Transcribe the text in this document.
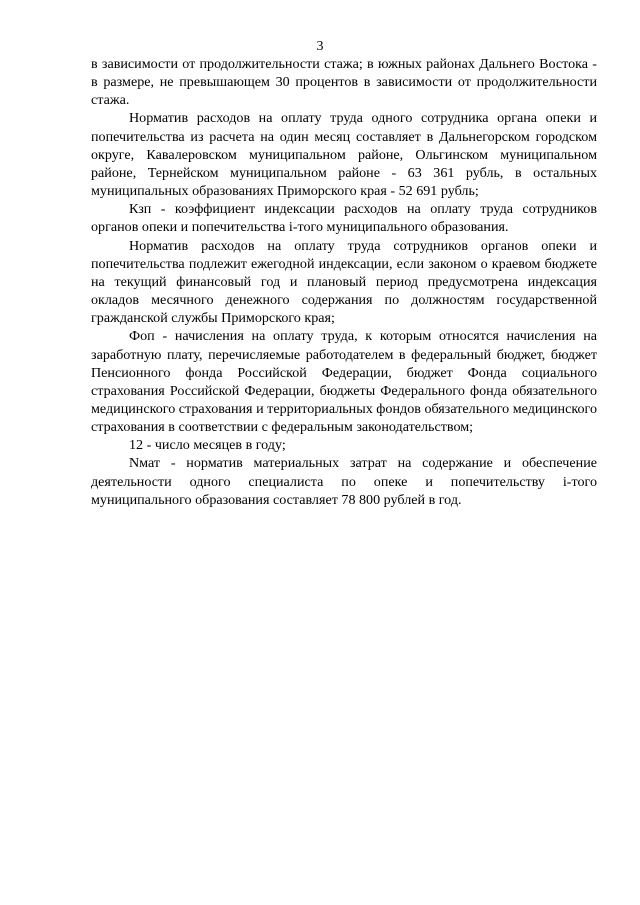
3

в зависимости от продолжительности стажа; в южных районах Дальнего Востока - в размере, не превышающем 30 процентов в зависимости от продолжительности стажа.

Норматив расходов на оплату труда одного сотрудника органа опеки и попечительства из расчета на один месяц составляет в Дальнегорском городском округе, Кавалеровском муниципальном районе, Ольгинском муниципальном районе, Тернейском муниципальном районе - 63 361 рубль, в остальных муниципальных образованиях Приморского края - 52 691 рубль;

Кзп - коэффициент индексации расходов на оплату труда сотрудников органов опеки и попечительства i-того муниципального образования.

Норматив расходов на оплату труда сотрудников органов опеки и попечительства подлежит ежегодной индексации, если законом о краевом бюджете на текущий финансовый год и плановый период предусмотрена индексация окладов месячного денежного содержания по должностям государственной гражданской службы Приморского края;

Фоп - начисления на оплату труда, к которым относятся начисления на заработную плату, перечисляемые работодателем в федеральный бюджет, бюджет Пенсионного фонда Российской Федерации, бюджет Фонда социального страхования Российской Федерации, бюджеты Федерального фонда обязательного медицинского страхования и территориальных фондов обязательного медицинского страхования в соответствии с федеральным законодательством;

12 - число месяцев в году;

Nмат - норматив материальных затрат на содержание и обеспечение деятельности одного специалиста по опеке и попечительству i-того муниципального образования составляет 78 800 рублей в год.
